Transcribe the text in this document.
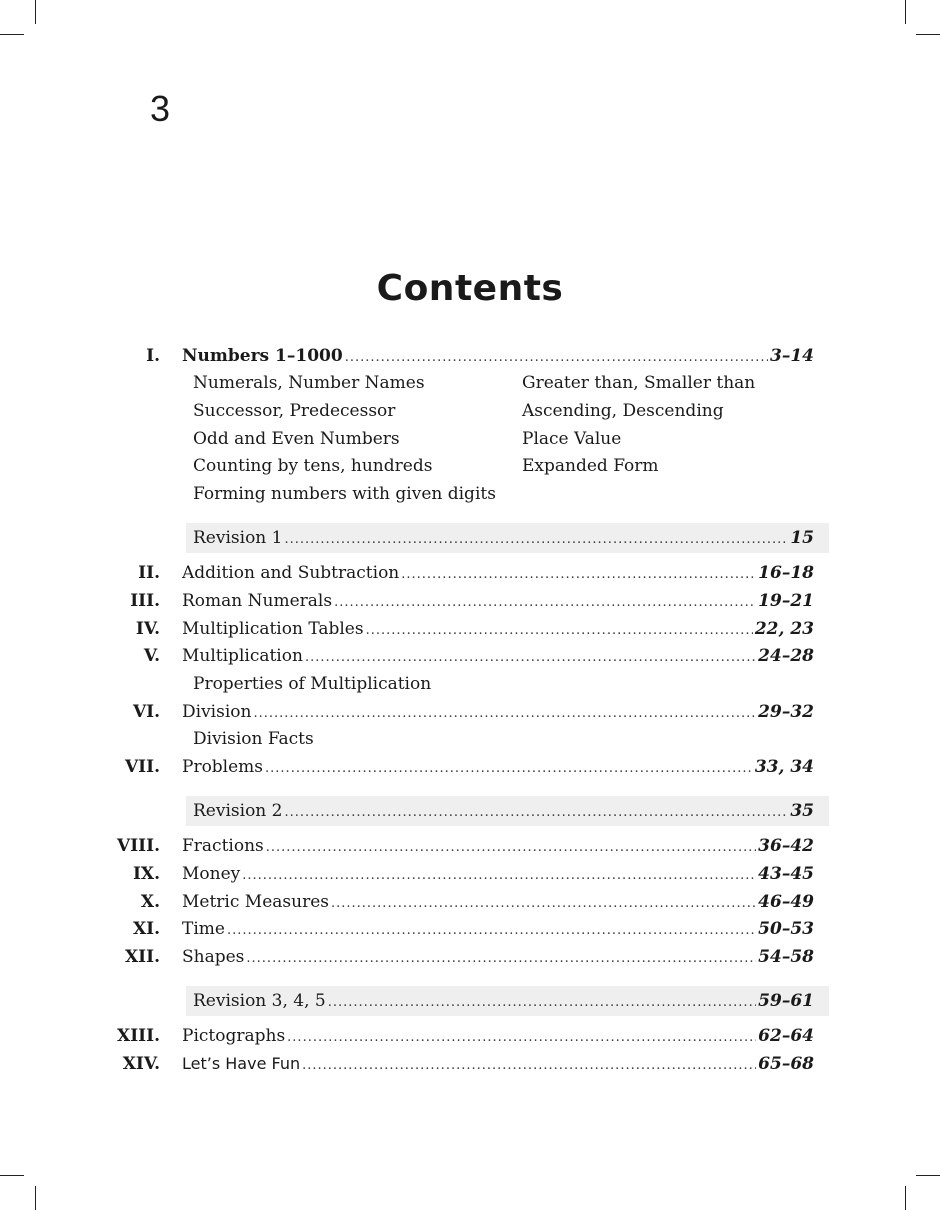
3
Contents
I. Numbers 1–1000 .....	3–14
Numerals, Number Names	Greater than, Smaller than
Successor, Predecessor	Ascending, Descending
Odd and Even Numbers	Place Value
Counting by tens, hundreds	Expanded Form
Forming numbers with given digits
Revision 1 .....	15
II. Addition and Subtraction .....	16–18
III. Roman Numerals .....	19–21
IV. Multiplication Tables .....	22, 23
V. Multiplication .....	24–28
Properties of Multiplication
VI. Division .....	29–32
Division Facts
VII. Problems .....	33, 34
Revision 2 .....	35
VIII. Fractions .....	36–42
IX. Money .....	43–45
X. Metric Measures .....	46–49
XI. Time .....	50–53
XII. Shapes .....	54–58
Revision 3, 4, 5 .....	59–61
XIII. Pictographs .....	62–64
XIV. Let’s Have Fun .....	65–68
